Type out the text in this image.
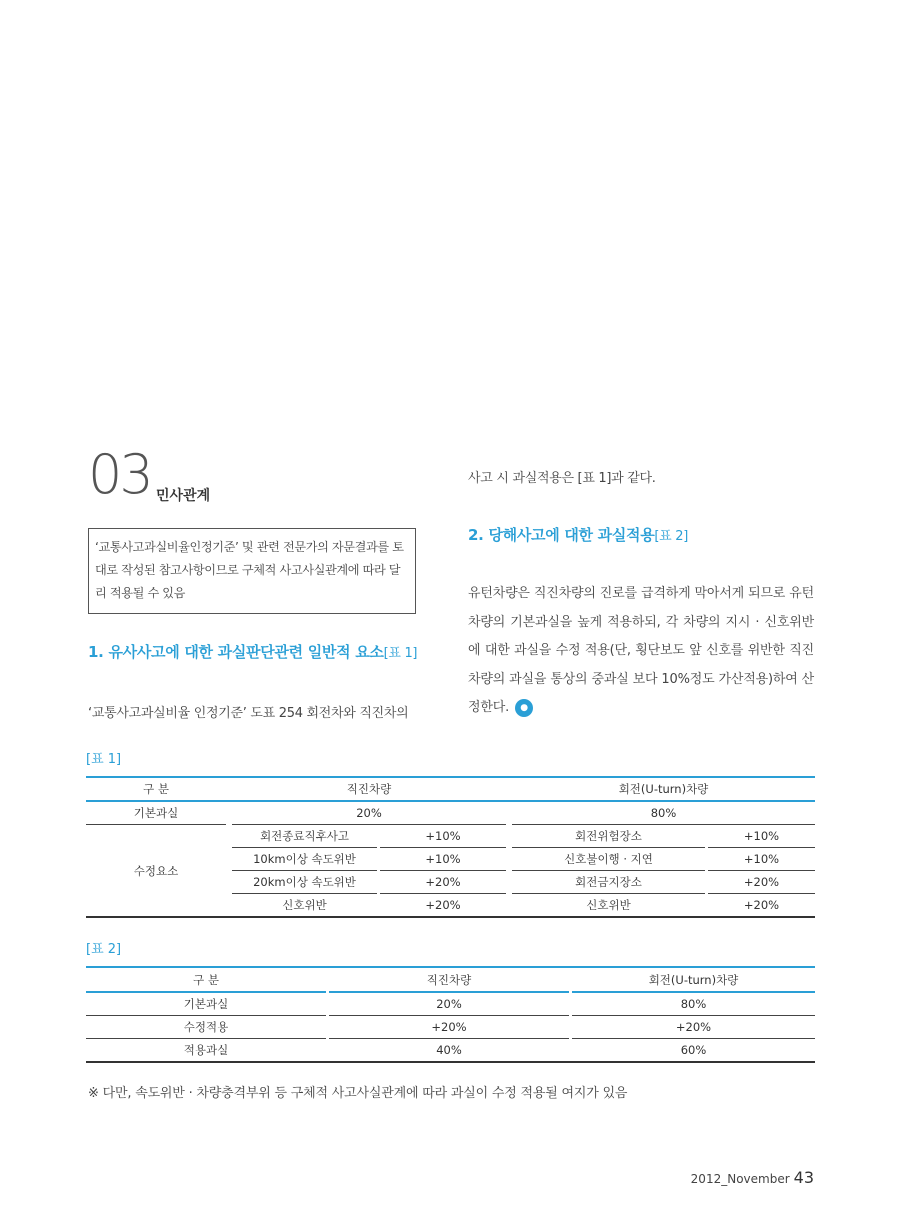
03 민사관계
‘교통사고과실비율인정기준’ 및 관련 전문가의 자문결과를 토대로 작성된 참고사항이므로 구체적 사고사실관계에 따라 달리 적용될 수 있음
1. 유사사고에 대한 과실판단관련 일반적 요소[표 1]
‘교통사고과실비율 인정기준’ 도표 254 회전차와 직진차의
사고 시 과실적용은 [표 1]과 같다.
2. 당해사고에 대한 과실적용[표 2]
유턴차량은 직진차량의 진로를 급격하게 막아서게 되므로 유턴차량의 기본과실을 높게 적용하되, 각 차량의 지시 · 신호위반에 대한 과실을 수정 적용(단, 횡단보도 앞 신호를 위반한 직진차량의 과실을 통상의 중과실 보다 10%정도 가산적용)하여 산정한다. ●
[표 1]
구 분		직진차량				회전(U-turn)차량		
기본과실		20%				80%		
수정요소		회전종료직후사고		+10%		회전위험장소		+10%
		10km이상 속도위반		+10%		신호불이행 · 지연		+10%
		20km이상 속도위반		+20%		회전금지장소		+20%
		신호위반		+20%		신호위반		+20%
[표 2]
구 분		직진차량		회전(U-turn)차량
기본과실		20%		80%
수정적용		+20%		+20%
적용과실		40%		60%
※ 다만, 속도위반 · 차량충격부위 등 구체적 사고사실관계에 따라 과실이 수정 적용될 여지가 있음
2012_November 43
